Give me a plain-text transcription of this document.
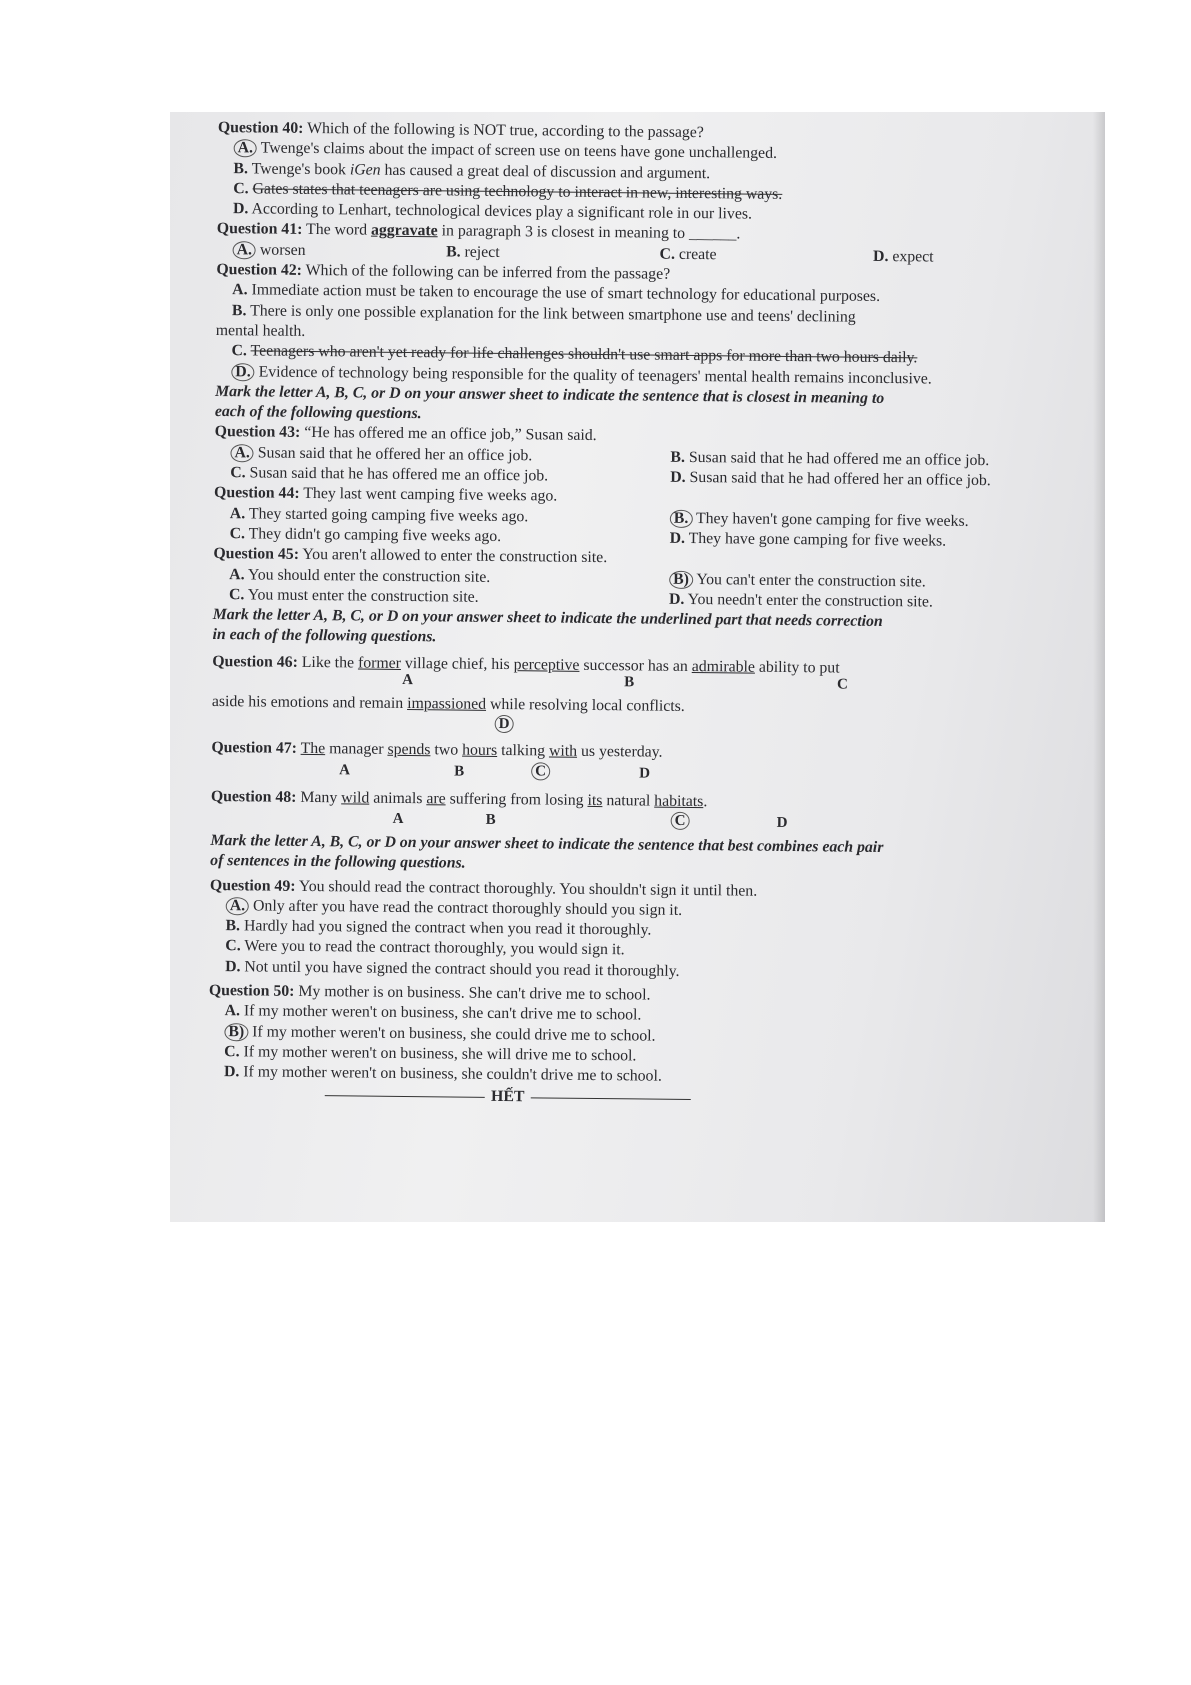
Question 40: Which of the following is NOT true, according to the passage?
A. Twenge's claims about the impact of screen use on teens have gone unchallenged.
B. Twenge's book iGen has caused a great deal of discussion and argument.
C. Gates states that teenagers are using technology to interact in new, interesting ways.
D. According to Lenhart, technological devices play a significant role in our lives.
Question 41: The word aggravate in paragraph 3 is closest in meaning to ______.
A. worsen	B. reject	C. create	D. expect
Question 42: Which of the following can be inferred from the passage?
A. Immediate action must be taken to encourage the use of smart technology for educational purposes.
B. There is only one possible explanation for the link between smartphone use and teens' declining
mental health.
C. Teenagers who aren't yet ready for life challenges shouldn't use smart apps for more than two hours daily.
D. Evidence of technology being responsible for the quality of teenagers' mental health remains inconclusive.
Mark the letter A, B, C, or D on your answer sheet to indicate the sentence that is closest in meaning to
each of the following questions.
Question 43: “He has offered me an office job,” Susan said.
A. Susan said that he offered her an office job.	B. Susan said that he had offered me an office job.
C. Susan said that he has offered me an office job.	D. Susan said that he had offered her an office job.
Question 44: They last went camping five weeks ago.
A. They started going camping five weeks ago.	B. They haven't gone camping for five weeks.
C. They didn't go camping five weeks ago.	D. They have gone camping for five weeks.
Question 45: You aren't allowed to enter the construction site.
A. You should enter the construction site.	B) You can't enter the construction site.
C. You must enter the construction site.	D. You needn't enter the construction site.
Mark the letter A, B, C, or D on your answer sheet to indicate the underlined part that needs correction
in each of the following questions.
Question 46: Like the former village chief, his perceptive successor has an admirable ability to put
A	B	C
aside his emotions and remain impassioned while resolving local conflicts.
D
Question 47: The manager spends two hours talking with us yesterday.
A	B	C	D
Question 48: Many wild animals are suffering from losing its natural habitats.
A	B	C	D
Mark the letter A, B, C, or D on your answer sheet to indicate the sentence that best combines each pair
of sentences in the following questions.
Question 49: You should read the contract thoroughly. You shouldn't sign it until then.
A. Only after you have read the contract thoroughly should you sign it.
B. Hardly had you signed the contract when you read it thoroughly.
C. Were you to read the contract thoroughly, you would sign it.
D. Not until you have signed the contract should you read it thoroughly.
Question 50: My mother is on business. She can't drive me to school.
A. If my mother weren't on business, she can't drive me to school.
B) If my mother weren't on business, she could drive me to school.
C. If my mother weren't on business, she will drive me to school.
D. If my mother weren't on business, she couldn't drive me to school.
HẾT
